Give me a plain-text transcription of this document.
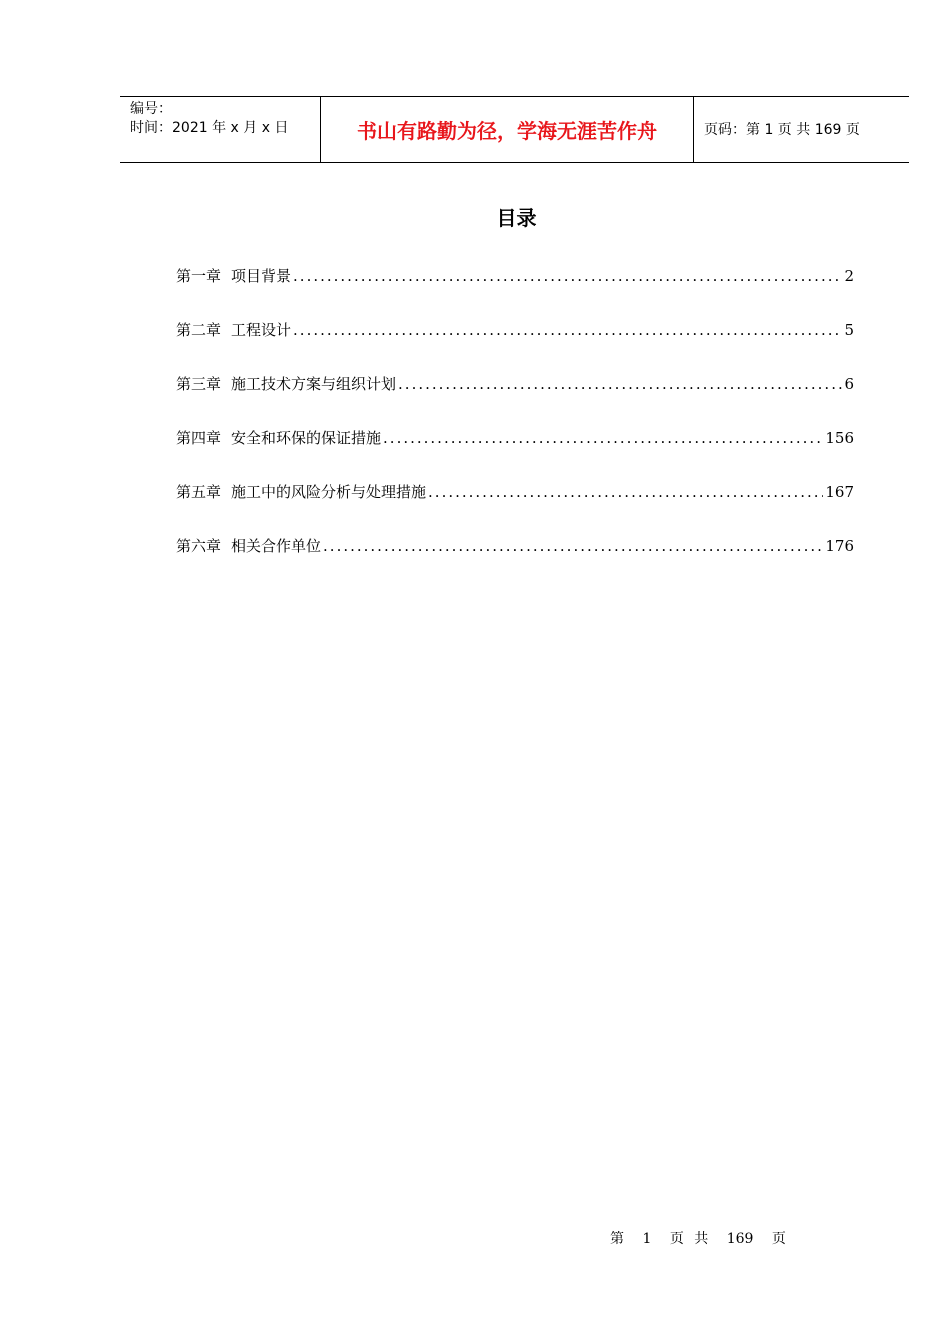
编号：
时间：2021 年 x 月 x 日	书山有路勤为径，学海无涯苦作舟	页码：第 1 页 共 169 页
目录
第一章 项目背景 .....	2
第二章 工程设计 .....	5
第三章 施工技术方案与组织计划 .....	6
第四章 安全和环保的保证措施 .....	156
第五章 施工中的风险分析与处理措施 .....	167
第六章 相关合作单位 .....	176
第 1 页 共 169 页
